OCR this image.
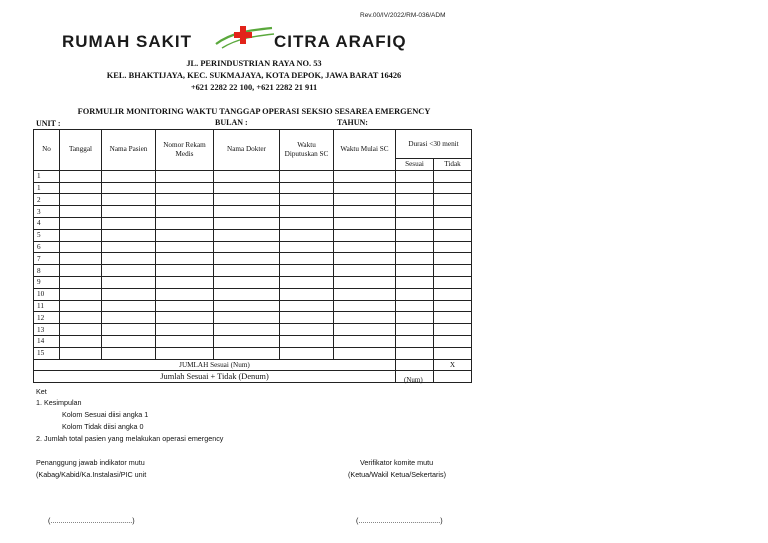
Rev.00/IV/2022/RM-036/ADM
RUMAH SAKIT	CITRA ARAFIQ
JL. PERINDUSTRIAN RAYA NO. 53
KEL. BHAKTIJAYA, KEC. SUKMAJAYA, KOTA DEPOK, JAWA BARAT 16426
+621 2282 22 100, +621 2282 21 911
FORMULIR MONITORING WAKTU TANGGAP OPERASI SEKSIO SESAREA EMERGENCY
UNIT :	BULAN :	TAHUN:
No	Tanggal	Nama Pasien	Nomor Rekam Medis	Nama Dokter	Waktu Diputuskan SC	Waktu Mulai SC	Durasi <30 menit	
							Sesuai	Tidak
1								
1								
2								
3								
4								
5								
6								
7								
8								
9								
10								
11								
12								
13								
14								
15								
JUMLAH Sesuai (Num)								X
Jumlah Sesuai + Tidak (Denum)									(Num)
Ket
1. Kesimpulan
Kolom Sesuai diisi angka 1
Kolom Tidak diisi angka 0
2. Jumlah total pasien yang melakukan operasi emergency
Penanggung jawab indikator mutu
(Kabag/Kabid/Ka.Instalasi/PIC unit
Verifikator komite mutu
(Ketua/Wakil Ketua/Sekertaris)
(.........................................)	(.........................................)
